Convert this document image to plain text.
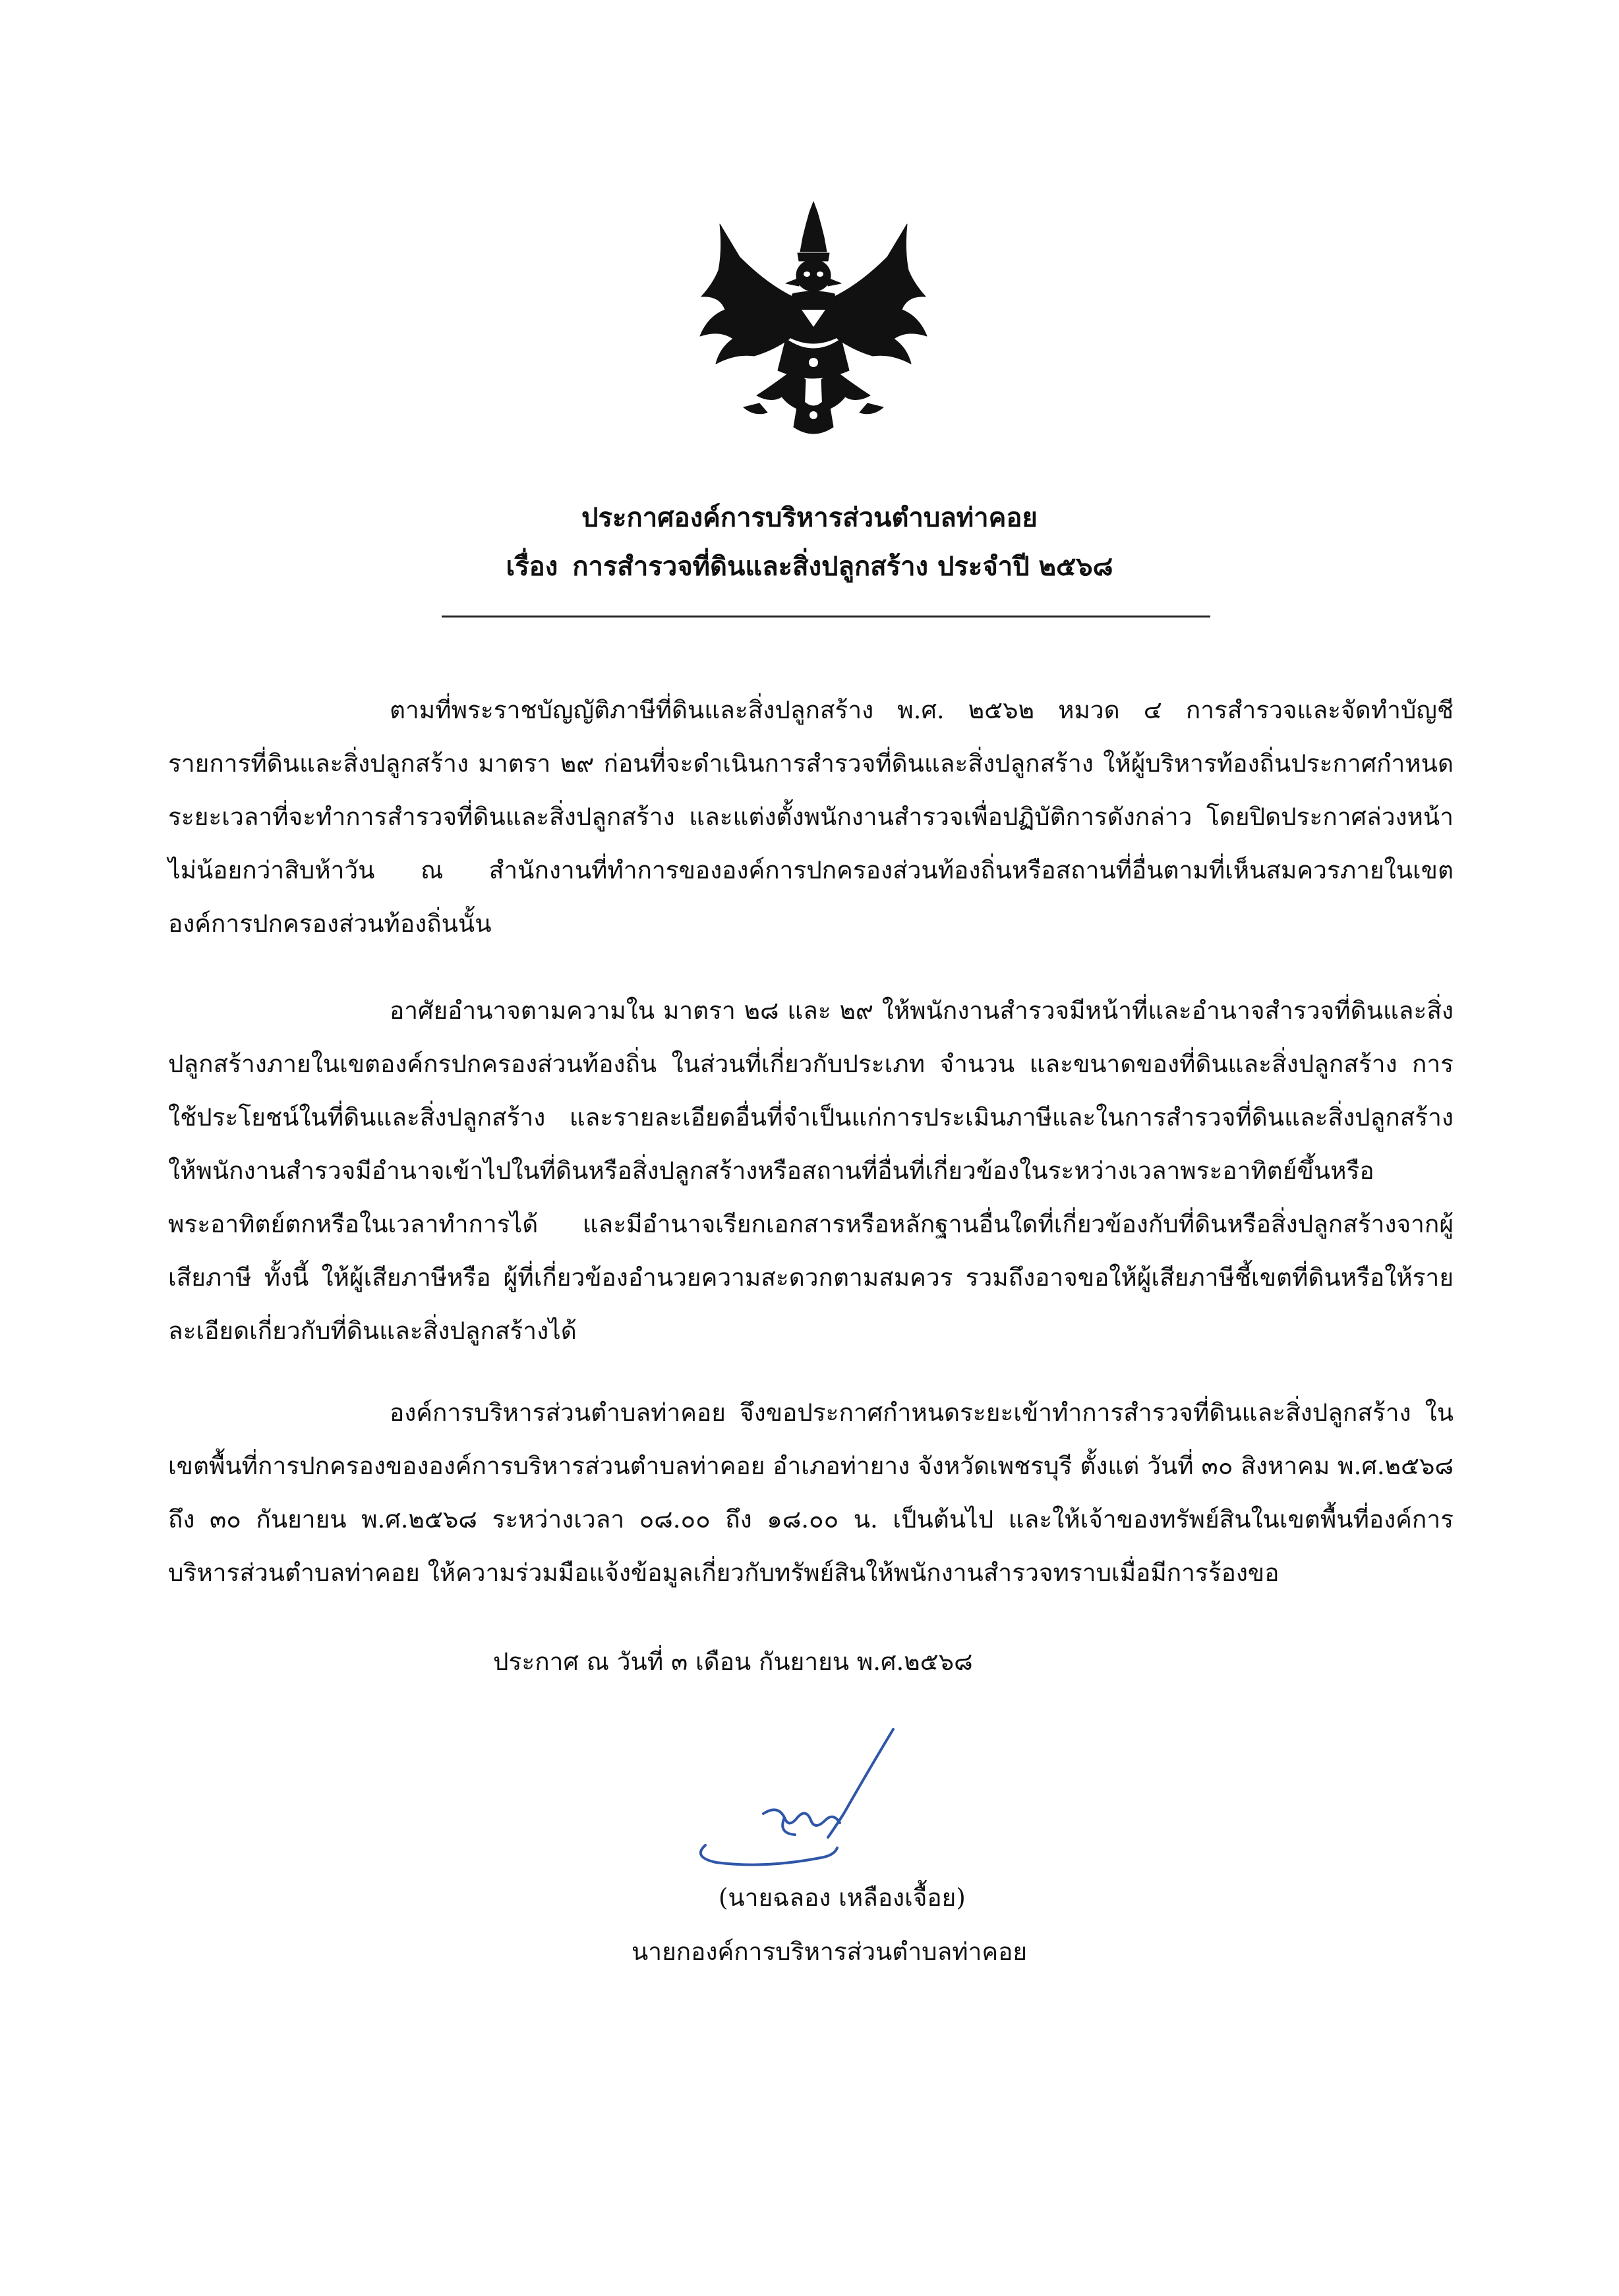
ประกาศองค์การบริหารส่วนตำบลท่าคอย
เรื่อง การสำรวจที่ดินและสิ่งปลูกสร้าง ประจำปี ๒๕๖๘

ตามที่พระราชบัญญัติภาษีที่ดินและสิ่งปลูกสร้าง พ.ศ. ๒๕๖๒ หมวด ๔ การสำรวจและจัดทำบัญชีรายการที่ดินและสิ่งปลูกสร้าง มาตรา ๒๙ ก่อนที่จะดำเนินการสำรวจที่ดินและสิ่งปลูกสร้าง ให้ผู้บริหารท้องถิ่นประกาศกำหนดระยะเวลาที่จะทำการสำรวจที่ดินและสิ่งปลูกสร้าง และแต่งตั้งพนักงานสำรวจเพื่อปฏิบัติการดังกล่าว โดยปิดประกาศล่วงหน้าไม่น้อยกว่าสิบห้าวัน ณ สำนักงานที่ทำการขององค์การปกครองส่วนท้องถิ่นหรือสถานที่อื่นตามที่เห็นสมควรภายในเขตองค์การปกครองส่วนท้องถิ่นนั้น

อาศัยอำนาจตามความใน มาตรา ๒๘ และ ๒๙ ให้พนักงานสำรวจมีหน้าที่และอำนาจสำรวจที่ดินและสิ่งปลูกสร้างภายในเขตองค์กรปกครองส่วนท้องถิ่น ในส่วนที่เกี่ยวกับประเภท จำนวน และขนาดของที่ดินและสิ่งปลูกสร้าง การใช้ประโยชน์ในที่ดินและสิ่งปลูกสร้าง และรายละเอียดอื่นที่จำเป็นแก่การประเมินภาษีและในการสำรวจที่ดินและสิ่งปลูกสร้างให้พนักงานสำรวจมีอำนาจเข้าไปในที่ดินหรือสิ่งปลูกสร้างหรือสถานที่อื่นที่เกี่ยวข้องในระหว่างเวลาพระอาทิตย์ขึ้นหรือพระอาทิตย์ตกหรือในเวลาทำการได้ และมีอำนาจเรียกเอกสารหรือหลักฐานอื่นใดที่เกี่ยวข้องกับที่ดินหรือสิ่งปลูกสร้างจากผู้เสียภาษี ทั้งนี้ ให้ผู้เสียภาษีหรือ ผู้ที่เกี่ยวข้องอำนวยความสะดวกตามสมควร รวมถึงอาจขอให้ผู้เสียภาษีชี้เขตที่ดินหรือให้รายละเอียดเกี่ยวกับที่ดินและสิ่งปลูกสร้างได้

องค์การบริหารส่วนตำบลท่าคอย จึงขอประกาศกำหนดระยะเข้าทำการสำรวจที่ดินและสิ่งปลูกสร้าง ในเขตพื้นที่การปกครองขององค์การบริหารส่วนตำบลท่าคอย อำเภอท่ายาง จังหวัดเพชรบุรี ตั้งแต่ วันที่ ๓๐ สิงหาคม พ.ศ.๒๕๖๘ ถึง ๓๐ กันยายน พ.ศ.๒๕๖๘ ระหว่างเวลา ๐๘.๐๐ ถึง ๑๘.๐๐ น. เป็นต้นไป และให้เจ้าของทรัพย์สินในเขตพื้นที่องค์การบริหารส่วนตำบลท่าคอย ให้ความร่วมมือแจ้งข้อมูลเกี่ยวกับทรัพย์สินให้พนักงานสำรวจทราบเมื่อมีการร้องขอ

ประกาศ ณ วันที่ ๓ เดือน กันยายน พ.ศ.๒๕๖๘
(นายฉลอง เหลืองเจื้อย)
นายกองค์การบริหารส่วนตำบลท่าคอย
